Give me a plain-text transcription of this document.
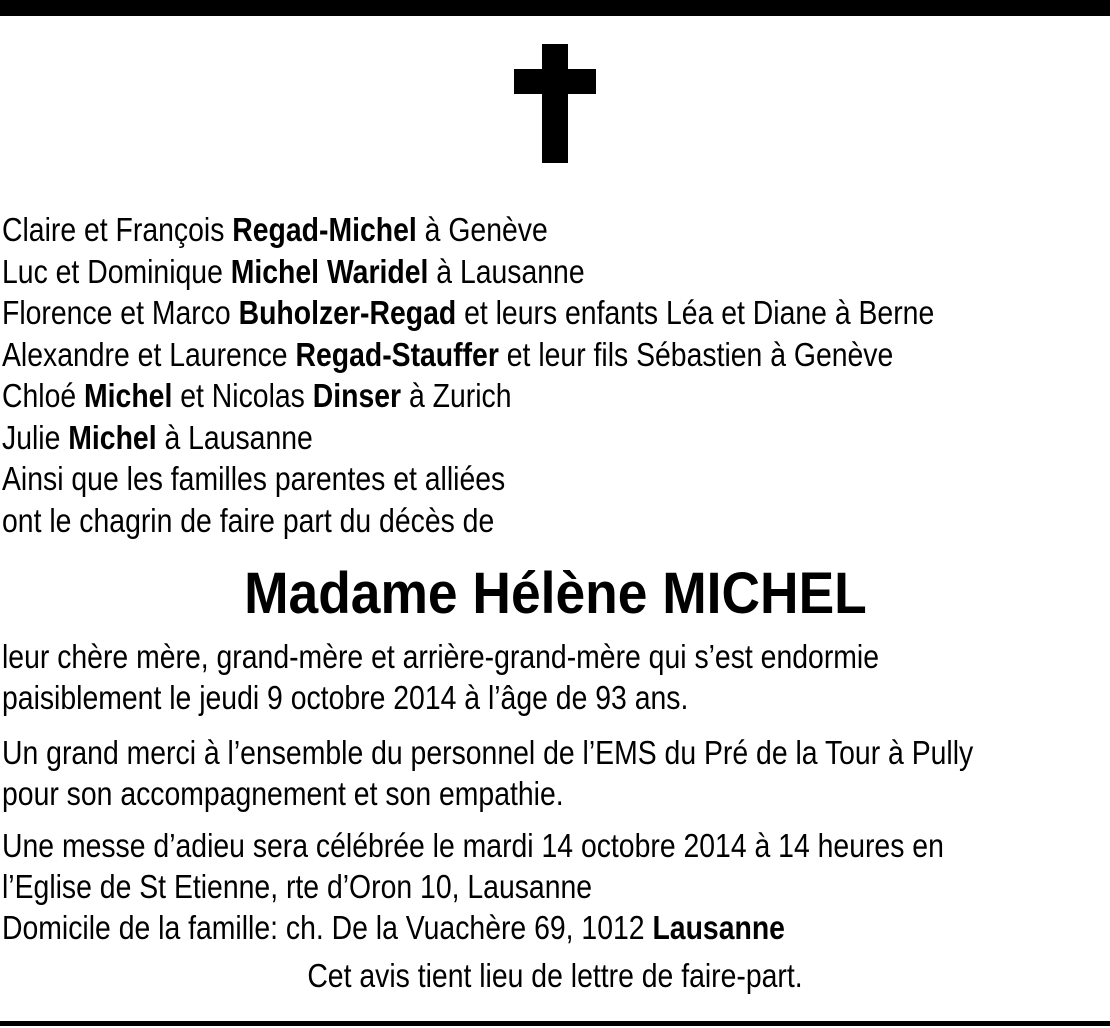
Claire et François Regad-Michel à Genève
Luc et Dominique Michel Waridel à Lausanne
Florence et Marco Buholzer-Regad et leurs enfants Léa et Diane à Berne
Alexandre et Laurence Regad-Stauffer et leur fils Sébastien à Genève
Chloé Michel et Nicolas Dinser à Zurich
Julie Michel à Lausanne
Ainsi que les familles parentes et alliées
ont le chagrin de faire part du décès de
Madame Hélène MICHEL
leur chère mère, grand-mère et arrière-grand-mère qui s’est endormie
paisiblement le jeudi 9 octobre 2014 à l’âge de 93 ans.
Un grand merci à l’ensemble du personnel de l’EMS du Pré de la Tour à Pully
pour son accompagnement et son empathie.
Une messe d’adieu sera célébrée le mardi 14 octobre 2014 à 14 heures en
l’Eglise de St Etienne, rte d’Oron 10, Lausanne
Domicile de la famille: ch. De la Vuachère 69, 1012 Lausanne
Cet avis tient lieu de lettre de faire-part.
